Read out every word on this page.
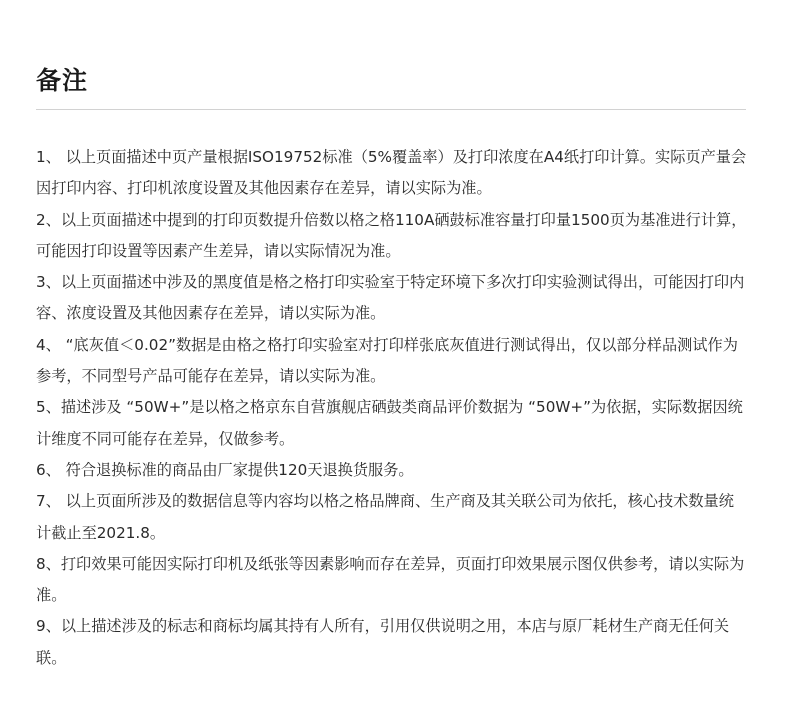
备注

1、 以上页面描述中页产量根据ISO19752标准（5%覆盖率）及打印浓度在A4纸打印计算。实际页产量会因打印内容、打印机浓度设置及其他因素存在差异，请以实际为准。

2、以上页面描述中提到的打印页数提升倍数以格之格110A硒鼓标准容量打印量1500页为基准进行计算，可能因打印设置等因素产生差异，请以实际情况为准。

3、以上页面描述中涉及的黑度值是格之格打印实验室于特定环境下多次打印实验测试得出，可能因打印内容、浓度设置及其他因素存在差异，请以实际为准。

4、 “底灰值＜0.02”数据是由格之格打印实验室对打印样张底灰值进行测试得出，仅以部分样品测试作为参考，不同型号产品可能存在差异，请以实际为准。

5、描述涉及 “50W+”是以格之格京东自营旗舰店硒鼓类商品评价数据为 “50W+”为依据，实际数据因统计维度不同可能存在差异，仅做参考。

6、 符合退换标准的商品由厂家提供120天退换货服务。

7、 以上页面所涉及的数据信息等内容均以格之格品牌商、生产商及其关联公司为依托，核心技术数量统计截止至2021.8。

8、打印效果可能因实际打印机及纸张等因素影响而存在差异，页面打印效果展示图仅供参考，请以实际为准。

9、以上描述涉及的标志和商标均属其持有人所有，引用仅供说明之用，本店与原厂耗材生产商无任何关联。
